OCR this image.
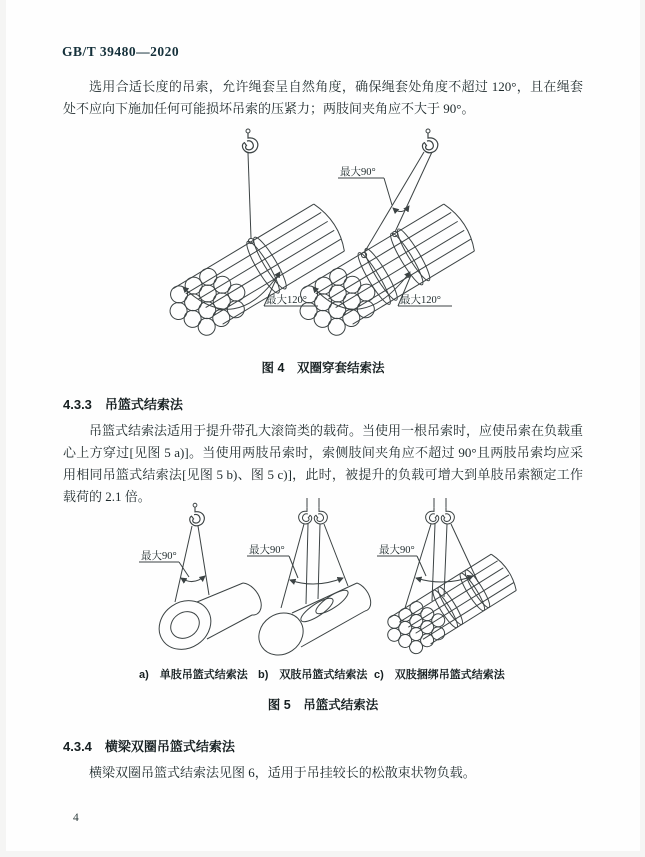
GB/T 39480—2020
选用合适长度的吊索，允许绳套呈自然角度，确保绳套处角度不超过 120°，且在绳套处不应向下施加任何可能损坏吊索的压紧力；两肢间夹角应不大于 90°。
最大120°
最大90°
最大120°
图 4　双圈穿套结索法
4.3.3　吊篮式结索法
吊篮式结索法适用于提升带孔大滚筒类的载荷。当使用一根吊索时，应使吊索在负载重心上方穿过[见图 5 a)]。当使用两肢吊索时，索侧肢间夹角应不超过 90°且两肢吊索均应采用相同吊篮式结索法[见图 5 b)、图 5 c)]，此时，被提升的负载可增大到单肢吊索额定工作载荷的 2.1 倍。
最大90°
最大90°	最大90°
a)　单肢吊篮式结索法 b)　双肢吊篮式结索法 c)　双肢捆绑吊篮式结索法
图 5　吊篮式结索法
4.3.4　横梁双圈吊篮式结索法
横梁双圈吊篮式结索法见图 6，适用于吊挂较长的松散束状物负载。
4
